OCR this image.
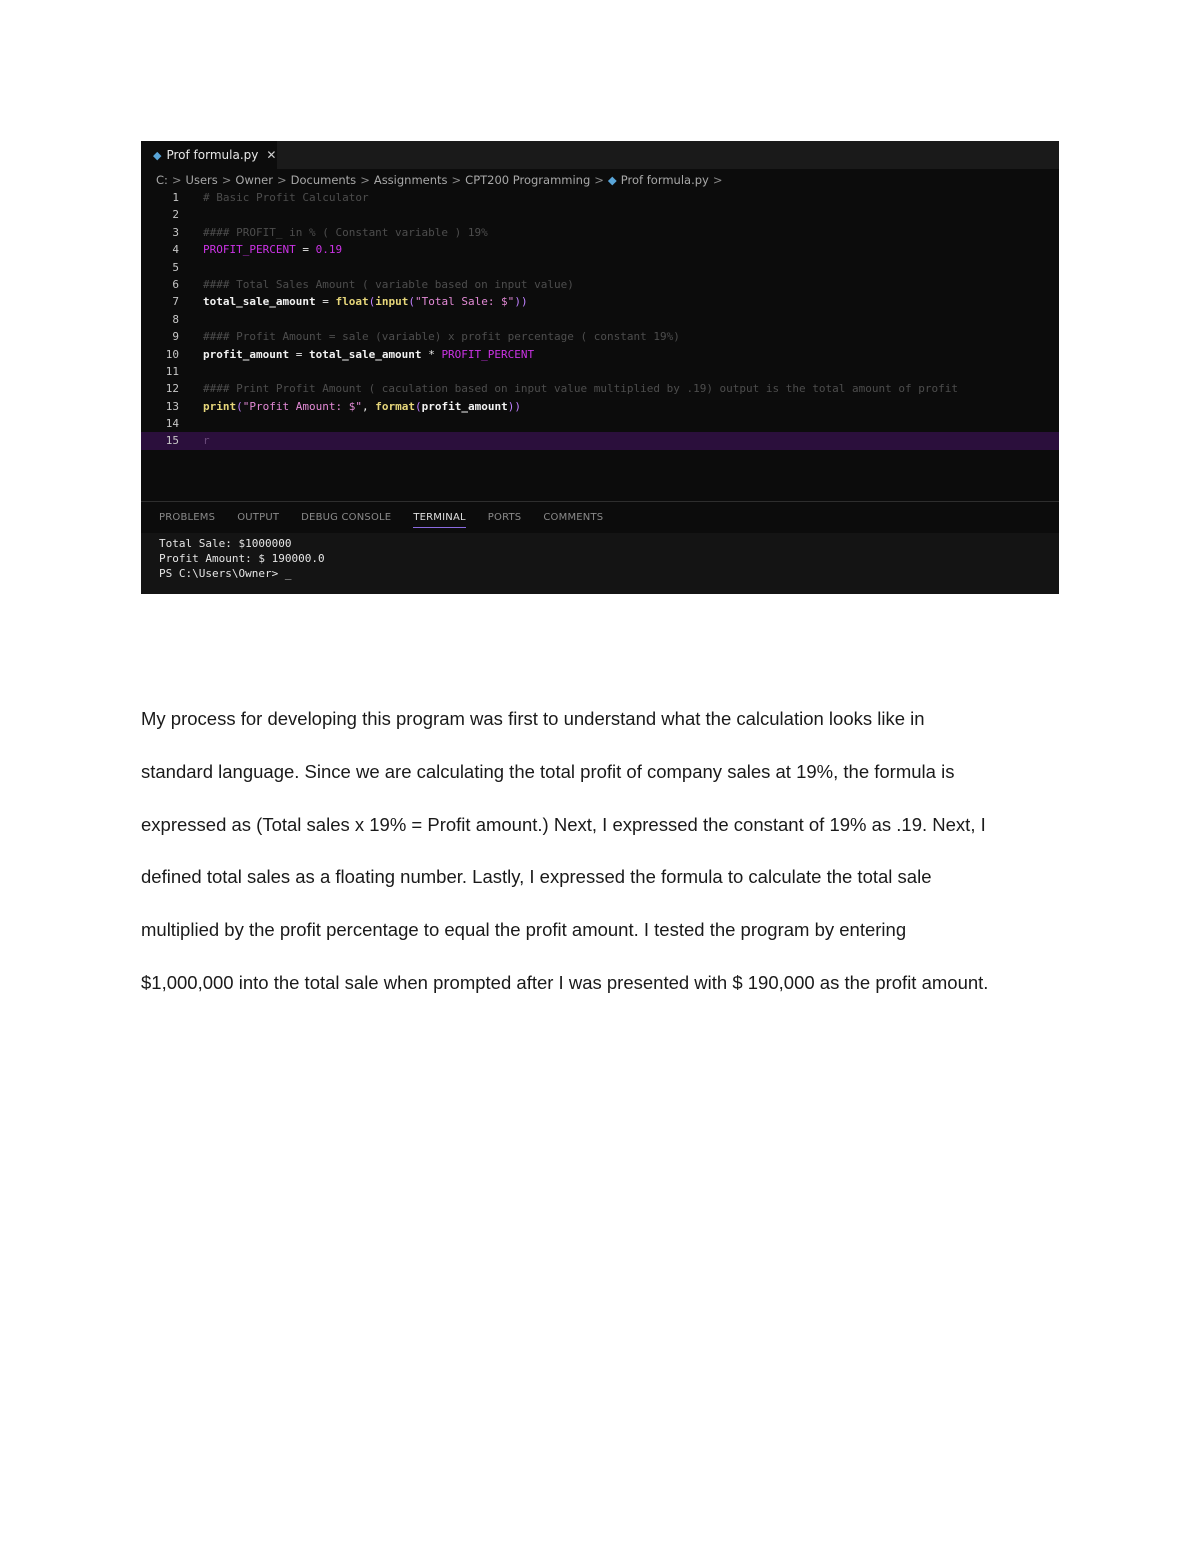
◆ Prof formula.py ✕
C: > Users > Owner > Documents > Assignments > CPT200 Programming > ◆ Prof formula.py >
1 # Basic Profit Calculator
2
3 #### PROFIT_ in % ( Constant variable ) 19%
4 PROFIT_PERCENT = 0.19
5
6 #### Total Sales Amount ( variable based on input value)
7 total_sale_amount = float(input("Total Sale: $"))
8
9 #### Profit Amount = sale (variable) x profit percentage ( constant 19%)
10 profit_amount = total_sale_amount * PROFIT_PERCENT
11
12 #### Print Profit Amount ( caculation based on input value multiplied by .19) output is the total amount of profit
13 print("Profit Amount: $", format(profit_amount))
14
15 r
PROBLEMS OUTPUT DEBUG CONSOLE TERMINAL PORTS COMMENTS
Total Sale: $1000000
Profit Amount: $ 190000.0
PS C:\Users\Owner> _
My process for developing this program was first to understand what the calculation looks like in
standard language. Since we are calculating the total profit of company sales at 19%, the formula is
expressed as (Total sales x 19% = Profit amount.) Next, I expressed the constant of 19% as .19. Next, I
defined total sales as a floating number. Lastly, I expressed the formula to calculate the total sale
multiplied by the profit percentage to equal the profit amount. I tested the program by entering
$1,000,000 into the total sale when prompted after I was presented with $ 190,000 as the profit amount.
